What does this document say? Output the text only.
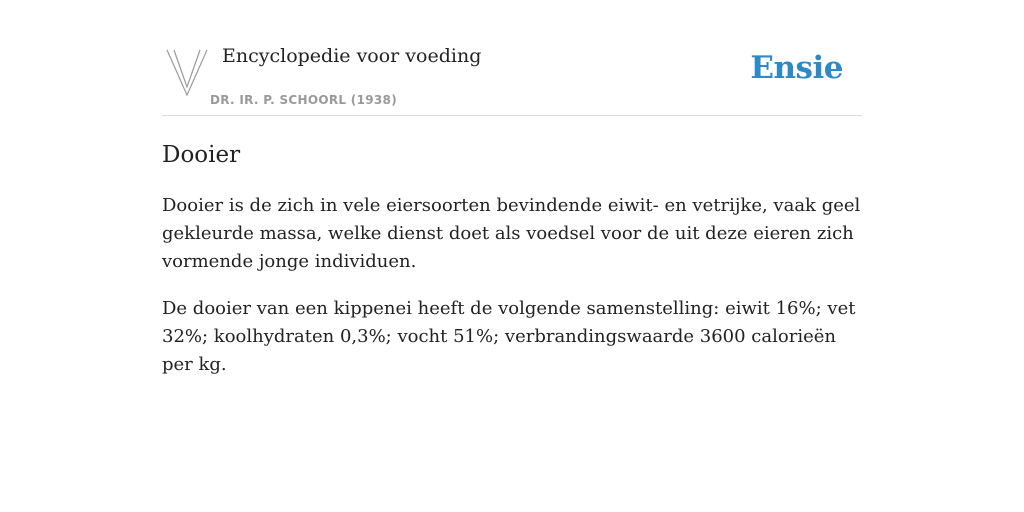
Encyclopedie voor voeding
DR. IR. P. SCHOORL (1938)
Ensie
Dooier

Dooier is de zich in vele eiersoorten bevindende eiwit- en vetrijke, vaak geel gekleurde massa, welke dienst doet als voedsel voor de uit deze eieren zich vormende jonge individuen.

De dooier van een kippenei heeft de volgende samenstelling: eiwit 16%; vet 32%; koolhydraten 0,3%; vocht 51%; verbrandingswaarde 3600 calorieën per kg.
